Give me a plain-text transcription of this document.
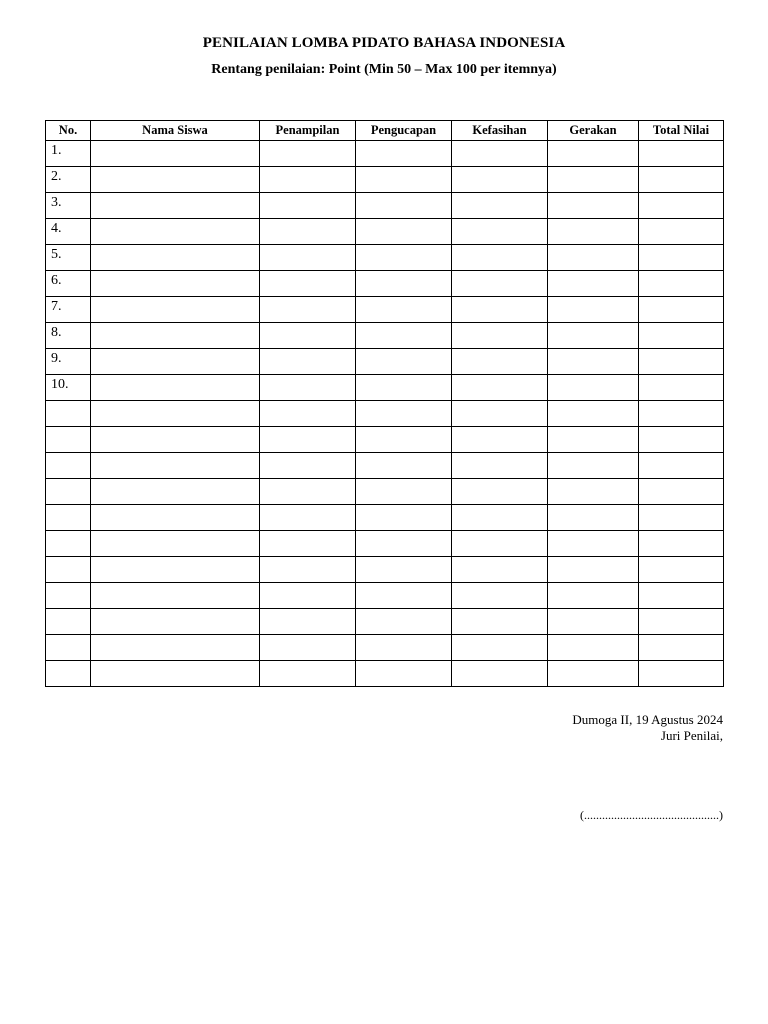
PENILAIAN LOMBA PIDATO BAHASA INDONESIA
Rentang penilaian: Point (Min 50 – Max 100 per itemnya)
No.	Nama Siswa	Penampilan	Pengucapan	Kefasihan	Gerakan	Total Nilai
1.						
2.						
3.						
4.						
5.						
6.						
7.						
8.						
9.						
10.						

Dumoga II, 19 Agustus 2024
Juri Penilai,
(.............................................)
